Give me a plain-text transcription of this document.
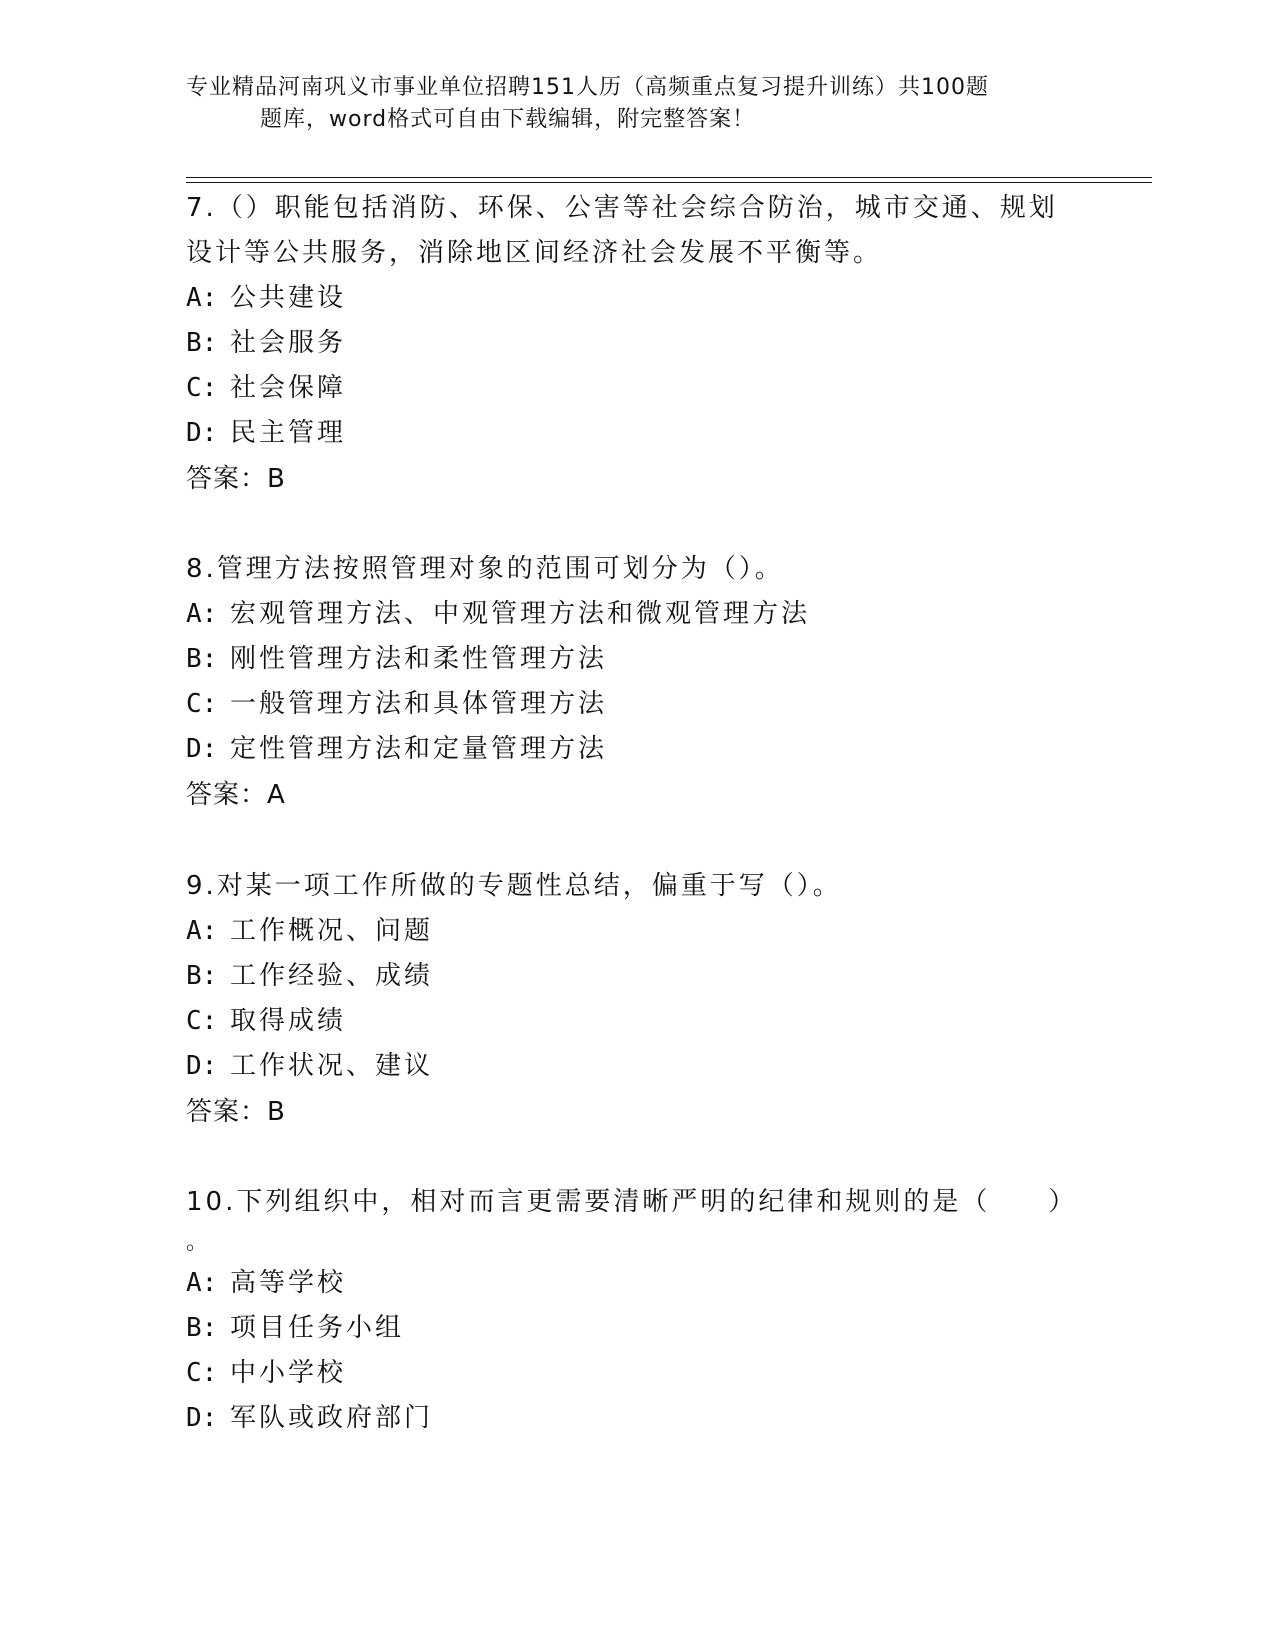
专业精品河南巩义市事业单位招聘151人历（高频重点复习提升训练）共100题
题库，word格式可自由下载编辑，附完整答案！

7.（）职能包括消防、环保、公害等社会综合防治，城市交通、规划

设计等公共服务，消除地区间经济社会发展不平衡等。

A: 公共建设

B: 社会服务

C: 社会保障

D: 民主管理

答案：B

8.管理方法按照管理对象的范围可划分为（）。

A: 宏观管理方法、中观管理方法和微观管理方法

B: 刚性管理方法和柔性管理方法

C: 一般管理方法和具体管理方法

D: 定性管理方法和定量管理方法

答案：A

9.对某一项工作所做的专题性总结，偏重于写（）。

A: 工作概况、问题

B: 工作经验、成绩

C: 取得成绩

D: 工作状况、建议

答案：B

10.下列组织中，相对而言更需要清晰严明的纪律和规则的是（　　）

。

A: 高等学校

B: 项目任务小组

C: 中小学校

D: 军队或政府部门
